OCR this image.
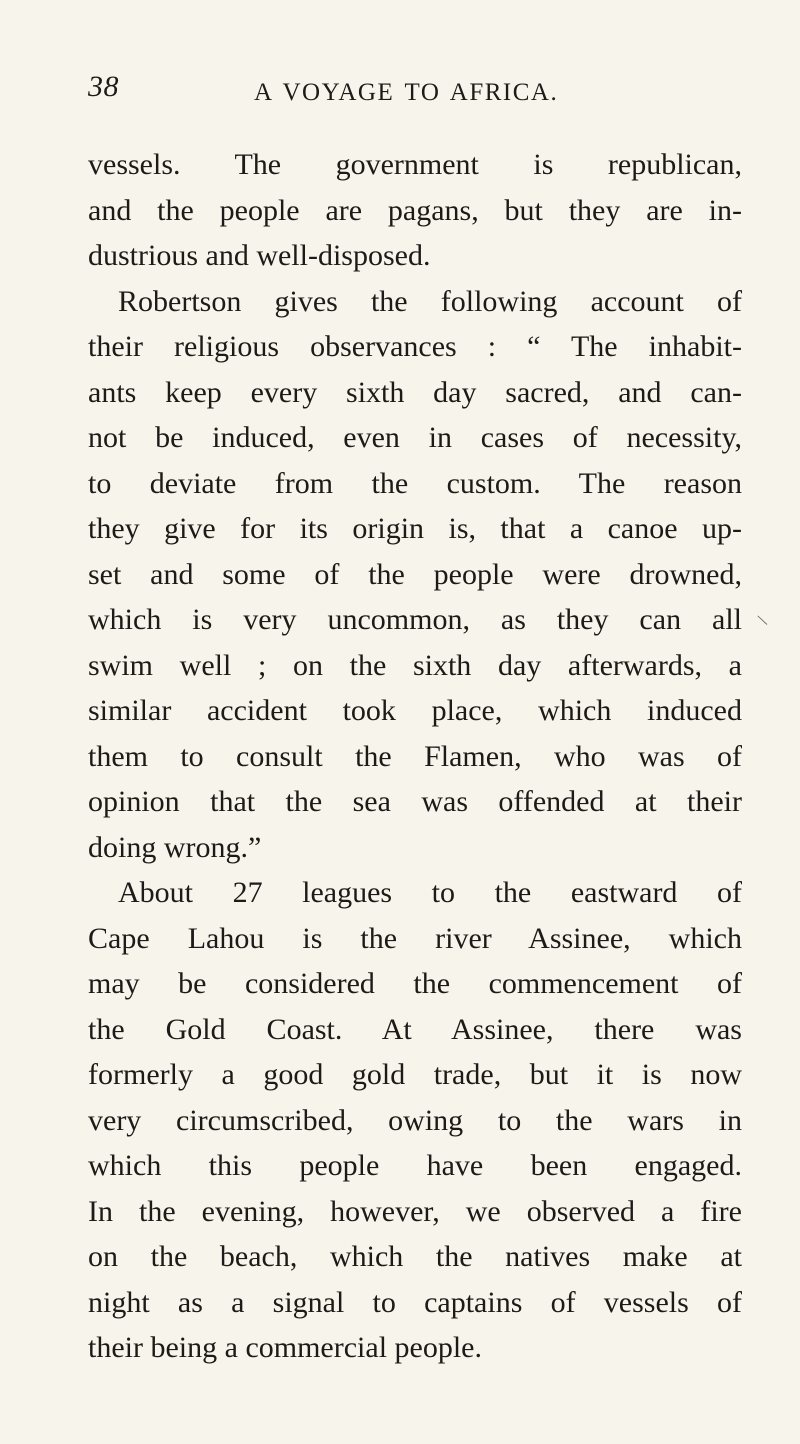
38	A VOYAGE TO AFRICA.
vessels. The government is republican,
and the people are pagans, but they are in-
dustrious and well-disposed.
Robertson gives the following account of
their religious observances : “ The inhabit-
ants keep every sixth day sacred, and can-
not be induced, even in cases of necessity,
to deviate from the custom. The reason
they give for its origin is, that a canoe up-
set and some of the people were drowned,
which is very uncommon, as they can all
swim well ; on the sixth day afterwards, a
similar accident took place, which induced
them to consult the Flamen, who was of
opinion that the sea was offended at their
doing wrong.”
About 27 leagues to the eastward of
Cape Lahou is the river Assinee, which
may be considered the commencement of
the Gold Coast. At Assinee, there was
formerly a good gold trade, but it is now
very circumscribed, owing to the wars in
which this people have been engaged.
In the evening, however, we observed a fire
on the beach, which the natives make at
night as a signal to captains of vessels of
their being a commercial people.
\
